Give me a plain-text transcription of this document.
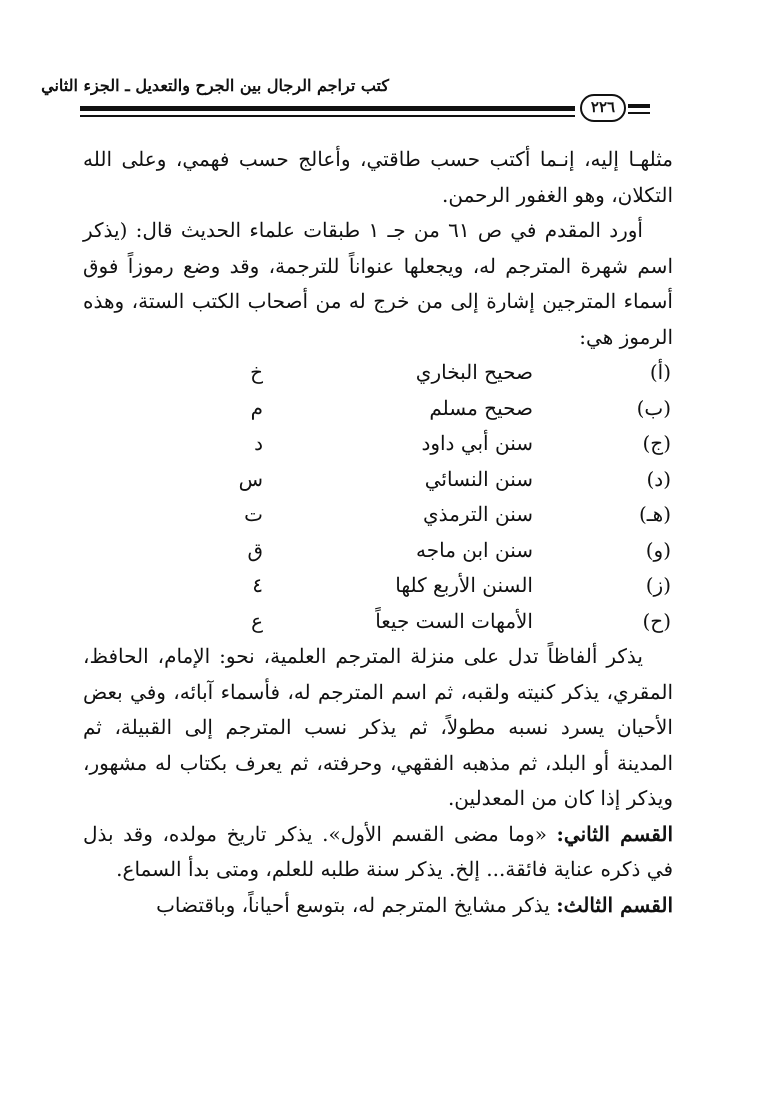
كتب تراجم الرجال بين الجرح والتعديل ـ الجزء الثاني
٢٢٦

مثلهـا إليه، إنـما أكتب حسب طاقتي، وأعالج حسب فهمي، وعلى الله التكلان، وهو الغفور الرحمن.

أورد المقدم في ص ٦١ من جـ ١ طبقات علماء الحديث قال: (يذكر اسم شهرة المترجم له، ويجعلها عنواناً للترجمة، وقد وضع رموزاً فوق أسماء المترجين إشارة إلى من خرج له من أصحاب الكتب الستة، وهذه الرموز هي:

(أ)
صحيح البخاري
خ
(ب)
صحيح مسلم
م
(ج)
سنن أبي داود
د
(د)
سنن النسائي
س
(هـ)
سنن الترمذي
ت
(و)
سنن ابن ماجه
ق
(ز)
السنن الأربع كلها
٤
(ح)
الأمهات الست جيعاً
ع

يذكر ألفاظاً تدل على منزلة المترجم العلمية، نحو: الإمام، الحافظ، المقري، يذكر كنيته ولقبه، ثم اسم المترجم له، فأسماء آبائه، وفي بعض الأحيان يسرد نسبه مطولاً، ثم يذكر نسب المترجم إلى القبيلة، ثم المدينة أو البلد، ثم مذهبه الفقهي، وحرفته، ثم يعرف بكتاب له مشهور، ويذكر إذا كان من المعدلين.

القسم الثاني: «وما مضى القسم الأول». يذكر تاريخ مولده، وقد بذل في ذكره عناية فائقة... إلخ. يذكر سنة طلبه للعلم، ومتى بدأ السماع.

القسم الثالث: يذكر مشايخ المترجم له، بتوسع أحياناً، وباقتضاب
